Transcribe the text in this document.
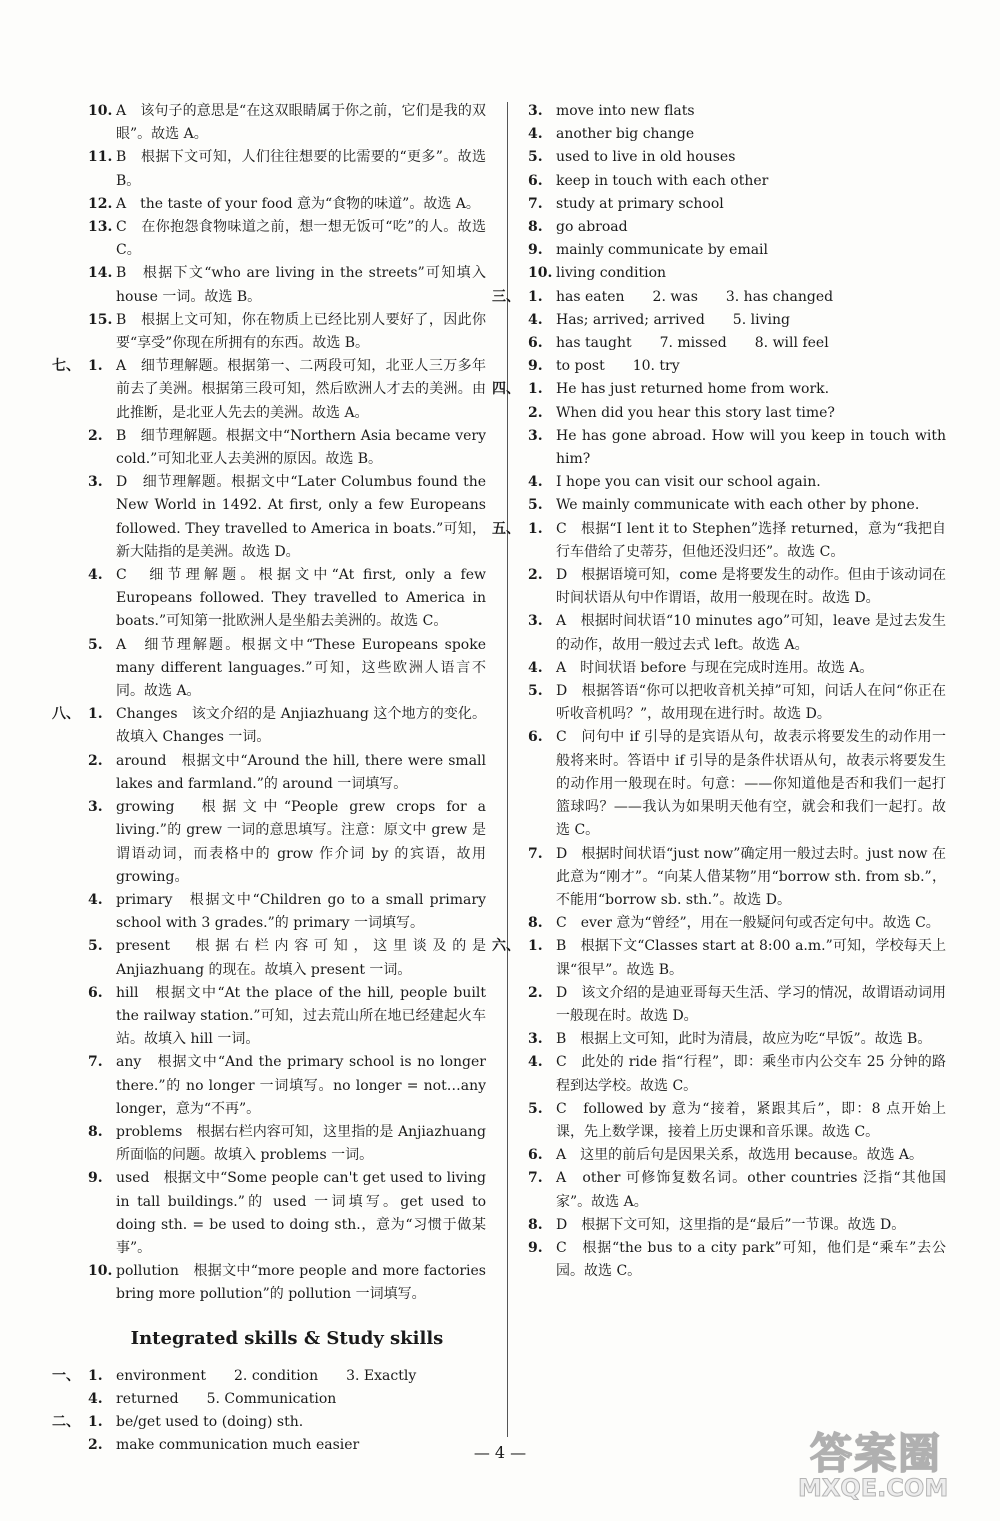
10. A　该句子的意思是“在这双眼睛属于你之前，它们是我的双眼”。故选 A。
11. B　根据下文可知，人们往往想要的比需要的“更多”。故选 B。
12. A　the taste of your food 意为“食物的味道”。故选 A。
13. C　在你抱怨食物味道之前，想一想无饭可“吃”的人。故选 C。
14. B　根据下文“who are living in the streets”可知填入 house 一词。故选 B。
15. B　根据上文可知，你在物质上已经比别人要好了，因此你要“享受”你现在所拥有的东西。故选 B。
七、 1. A　细节理解题。根据第一、二两段可知，北亚人三万多年前去了美洲。根据第三段可知，然后欧洲人才去的美洲。由此推断，是北亚人先去的美洲。故选 A。
2. B　细节理解题。根据文中“Northern Asia became very cold.”可知北亚人去美洲的原因。故选 B。
3. D　细节理解题。根据文中“Later Columbus found the New World in 1492. At first, only a few Europeans followed. They travelled to America in boats.”可知，新大陆指的是美洲。故选 D。
4. C　细节理解题。根据文中“At first, only a few Europeans followed. They travelled to America in boats.”可知第一批欧洲人是坐船去美洲的。故选 C。
5. A　细节理解题。根据文中“These Europeans spoke many different languages.”可知，这些欧洲人语言不同。故选 A。
八、 1. Changes　该文介绍的是 Anjiazhuang 这个地方的变化。故填入 Changes 一词。
2. around　根据文中“Around the hill, there were small lakes and farmland.”的 around 一词填写。
3. growing　根据文中“People grew crops for a living.”的 grew 一词的意思填写。注意：原文中 grew 是谓语动词，而表格中的 grow 作介词 by 的宾语，故用 growing。
4. primary　根据文中“Children go to a small primary school with 3 grades.”的 primary 一词填写。
5. present　根据右栏内容可知，这里谈及的是 Anjiazhuang 的现在。故填入 present 一词。
6. hill　根据文中“At the place of the hill, people built the railway station.”可知，过去荒山所在地已经建起火车站。故填入 hill 一词。
7. any　根据文中“And the primary school is no longer there.”的 no longer 一词填写。no longer = not…any longer，意为“不再”。
8. problems　根据右栏内容可知，这里指的是 Anjiazhuang 所面临的问题。故填入 problems 一词。
9. used　根据文中“Some people can't get used to living in tall buildings.”的 used 一词填写。get used to doing sth. = be used to doing sth.，意为“习惯于做某事”。
10. pollution　根据文中“more people and more factories bring more pollution”的 pollution 一词填写。
Integrated skills & Study skills
一、 1. environment　　2. condition　　3. Exactly
4. returned　　5. Communication
二、 1. be/get used to (doing) sth.
2. make communication much easier
3. move into new flats
4. another big change
5. used to live in old houses
6. keep in touch with each other
7. study at primary school
8. go abroad
9. mainly communicate by email
10. living condition
三、 1. has eaten　　2. was　　3. has changed
4. Has; arrived; arrived　　5. living
6. has taught　　7. missed　　8. will feel
9. to post　　10. try
四、 1. He has just returned home from work.
2. When did you hear this story last time?
3. He has gone abroad. How will you keep in touch with him?
4. I hope you can visit our school again.
5. We mainly communicate with each other by phone.
五、 1. C　根据“I lent it to Stephen”选择 returned，意为“我把自行车借给了史蒂芬，但他还没归还”。故选 C。
2. D　根据语境可知，come 是将要发生的动作。但由于该动词在时间状语从句中作谓语，故用一般现在时。故选 D。
3. A　根据时间状语“10 minutes ago”可知，leave 是过去发生的动作，故用一般过去式 left。故选 A。
4. A　时间状语 before 与现在完成时连用。故选 A。
5. D　根据答语“你可以把收音机关掉”可知，问话人在问“你正在听收音机吗？”，故用现在进行时。故选 D。
6. C　问句中 if 引导的是宾语从句，故表示将要发生的动作用一般将来时。答语中 if 引导的是条件状语从句，故表示将要发生的动作用一般现在时。句意：——你知道他是否和我们一起打篮球吗？——我认为如果明天他有空，就会和我们一起打。故选 C。
7. D　根据时间状语“just now”确定用一般过去时。just now 在此意为“刚才”。“向某人借某物”用“borrow sth. from sb.”，不能用“borrow sb. sth.”。故选 D。
8. C　ever 意为“曾经”，用在一般疑问句或否定句中。故选 C。
六、 1. B　根据下文“Classes start at 8:00 a.m.”可知，学校每天上课“很早”。故选 B。
2. D　该文介绍的是迪亚哥每天生活、学习的情况，故谓语动词用一般现在时。故选 D。
3. B　根据上文可知，此时为清晨，故应为吃“早饭”。故选 B。
4. C　此处的 ride 指“行程”，即：乘坐市内公交车 25 分钟的路程到达学校。故选 C。
5. C　followed by 意为“接着，紧跟其后”，即：8 点开始上课，先上数学课，接着上历史课和音乐课。故选 C。
6. A　这里的前后句是因果关系，故选用 because。故选 A。
7. A　other 可修饰复数名词。other countries 泛指“其他国家”。故选 A。
8. D　根据下文可知，这里指的是“最后”一节课。故选 D。
9. C　根据“the bus to a city park”可知，他们是“乘车”去公园。故选 C。
— 4 —	答案圈
MXQE.COM
